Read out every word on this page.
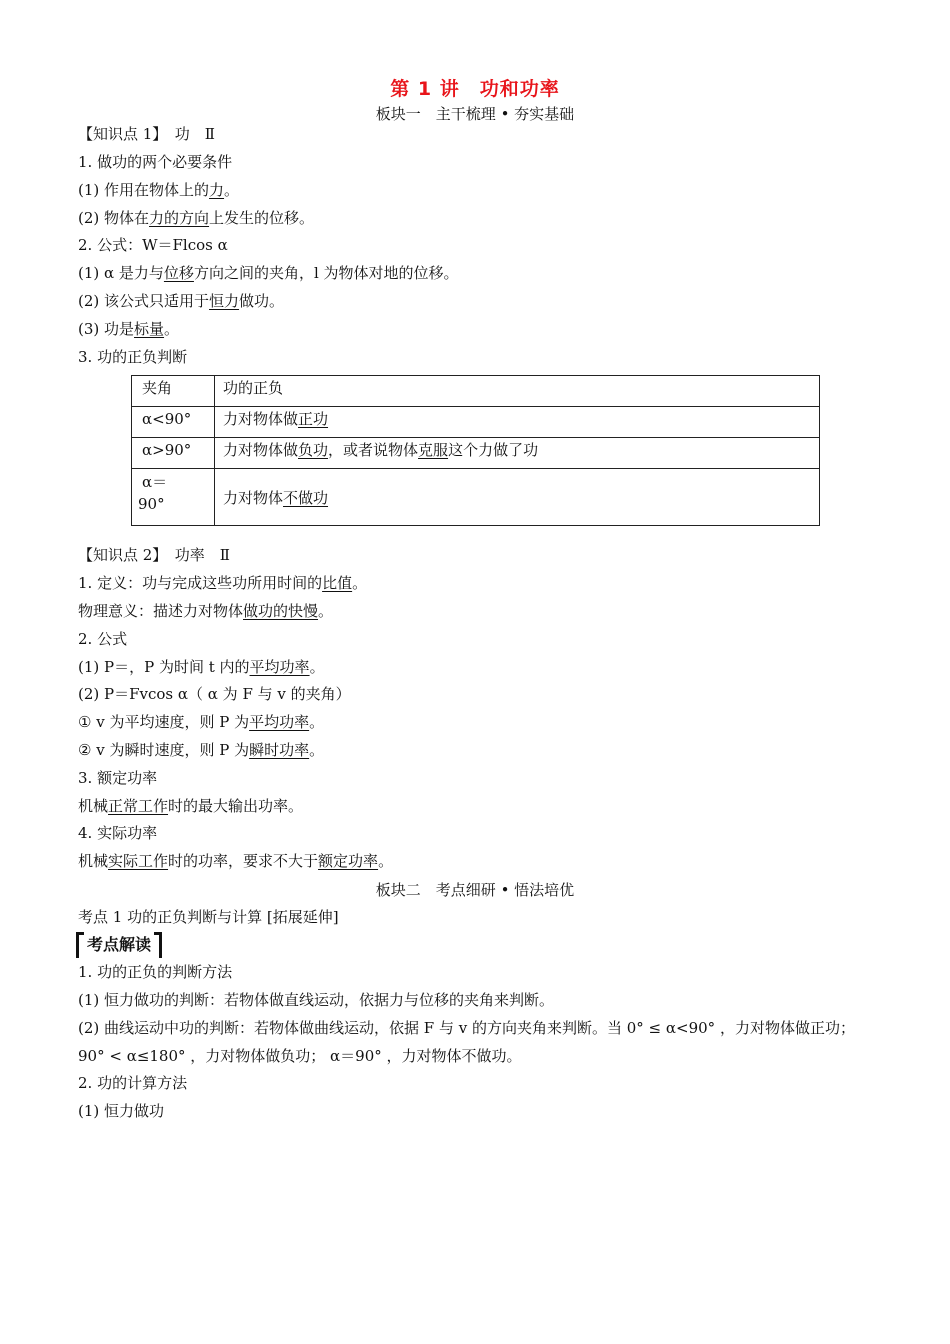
第 1 讲　功和功率
板块一　主干梳理 • 夯实基础
【知识点 1】　功　Ⅱ
1. 做功的两个必要条件
(1) 作用在物体上的力。
(2) 物体在力的方向上发生的位移。
2. 公式：W＝Flcos α
(1) α 是力与位移方向之间的夹角，l 为物体对地的位移。
(2) 该公式只适用于恒力做功。
(3) 功是标量。
3. 功的正负判断
夹角	功的正负
α<90°	力对物体做正功
α>90°	力对物体做负功，或者说物体克服这个力做了功

α＝
90°	力对物体不做功
【知识点 2】　功率　Ⅱ
1. 定义：功与完成这些功所用时间的比值。
物理意义：描述力对物体做功的快慢。
2. 公式
(1) P＝，P 为时间 t 内的平均功率。
(2) P＝Fvcos α（ α 为 F 与 v 的夹角）
① v 为平均速度，则 P 为平均功率。
② v 为瞬时速度，则 P 为瞬时功率。
3. 额定功率
机械正常工作时的最大输出功率。
4. 实际功率
机械实际工作时的功率，要求不大于额定功率。
板块二　考点细研 • 悟法培优
考点 1 功的正负判断与计算 [拓展延伸]
考点解读
1. 功的正负的判断方法
(1) 恒力做功的判断：若物体做直线运动，依据力与位移的夹角来判断。
(2) 曲线运动中功的判断：若物体做曲线运动，依据 F 与 v 的方向夹角来判断。当 0° ≤ α<90° ，力对物体做正功；90° < α≤180° ，力对物体做负功； α＝90° ，力对物体不做功。
2. 功的计算方法
(1) 恒力做功
